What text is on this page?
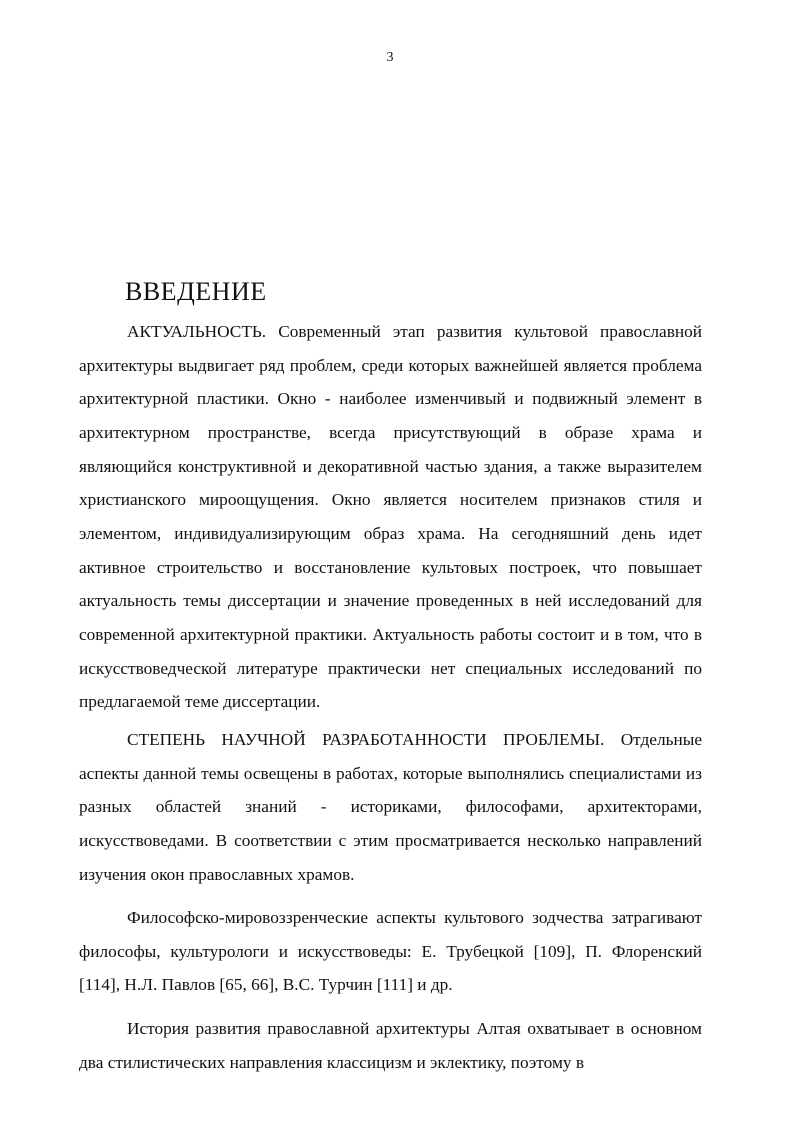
3
ВВЕДЕНИЕ

АКТУАЛЬНОСТЬ. Современный этап развития культовой православной архитектуры выдвигает ряд проблем, среди которых важнейшей является проблема архитектурной пластики. Окно - наиболее изменчивый и подвижный элемент в архитектурном пространстве, всегда присутствующий в образе храма и являющийся конструктивной и декоративной частью здания, а также выразителем христианского мироощущения. Окно является носителем признаков стиля и элементом, индивидуализирующим образ храма. На сегодняшний день идет активное строительство и восстановление культовых построек, что повышает актуальность темы диссертации и значение проведенных в ней исследований для современной архитектурной практики. Актуальность работы состоит и в том, что в искусствоведческой литературе практически нет специальных исследований по предлагаемой теме диссертации.

СТЕПЕНЬ НАУЧНОЙ РАЗРАБОТАННОСТИ ПРОБЛЕМЫ. Отдельные аспекты данной темы освещены в работах, которые выполнялись специалистами из разных областей знаний - историками, философами, архитекторами, искусствоведами. В соответствии с этим просматривается несколько направлений изучения окон православных храмов.

Философско-мировоззренческие аспекты культового зодчества затрагивают философы, культурологи и искусствоведы: Е. Трубецкой [109], П. Флоренский [114], Н.Л. Павлов [65, 66], В.С. Турчин [111] и др.

История развития православной архитектуры Алтая охватывает в основном два стилистических направления классицизм и эклектику, поэтому в
